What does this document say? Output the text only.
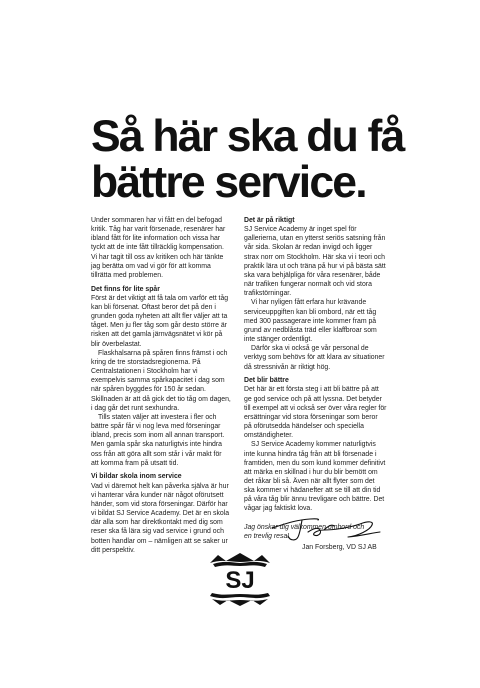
Så här ska du få
bättre service.

Under sommaren har vi fått en del befogad kritik. Tåg har varit försenade, resenärer har ibland fått för lite information och vissa har tyckt att de inte fått tillräcklig kompensation. Vi har tagit till oss av kritiken och här tänkte jag berätta om vad vi gör för att komma tillrätta med problemen.

Det finns för lite spår

Först är det viktigt att få tala om varför ett tåg kan bli försenat. Oftast beror det på den i grunden goda nyheten att allt fler väljer att ta tåget. Men ju fler tåg som går desto större är risken att det gamla järnvägsnätet vi kör på blir överbelastat.

Flaskhalsarna på spåren finns främst i och kring de tre storstadsregionerna. På Centralstationen i Stockholm har vi exempelvis samma spårkapacitet i dag som när spåren byggdes för 150 år sedan. Skillnaden är att då gick det tio tåg om dagen, i dag går det runt sexhundra.

Tills staten väljer att investera i fler och bättre spår får vi nog leva med förseningar ibland, precis som inom all annan transport. Men gamla spår ska naturligtvis inte hindra oss från att göra allt som står i vår makt för att komma fram på utsatt tid.

Vi bildar skola inom service

Vad vi däremot helt kan påverka själva är hur vi hanterar våra kunder när något oförutsett händer, som vid stora förseningar. Därför har vi bildat SJ Service Academy. Det är en skola där alla som har direktkontakt med dig som reser ska få lära sig vad service i grund och botten handlar om – nämligen att se saker ur ditt perspektiv.

Det är på riktigt

SJ Service Academy är inget spel för gallerierna, utan en ytterst seriös satsning från vår sida. Skolan är redan invigd och ligger strax norr om Stockholm. Här ska vi i teori och praktik lära ut och träna på hur vi på bästa sätt ska vara behjälpliga för våra resenärer, både när trafiken fungerar normalt och vid stora trafikstörningar.

Vi har nyligen fått erfara hur krävande serviceuppgiften kan bli ombord, när ett tåg med 300 passagerare inte kommer fram på grund av nedblåsta träd eller klaffbroar som inte stänger ordentligt.

Därför ska vi också ge vår personal de verktyg som behövs för att klara av situationer då stressnivån är riktigt hög.

Det blir bättre

Det här är ett första steg i att bli bättre på att ge god service och på att lyssna. Det betyder till exempel att vi också ser över våra regler för ersättningar vid stora förseningar som beror på oförutsedda händelser och speciella omständigheter.

SJ Service Academy kommer naturligtvis inte kunna hindra tåg från att bli försenade i framtiden, men du som kund kommer definitivt att märka en skillnad i hur du blir bemött om det råkar bli så. Även när allt flyter som det ska kommer vi hädanefter att se till att din tid på våra tåg blir ännu trevligare och bättre. Det vågar jag faktiskt lova.

Jag önskar dig välkommen ombord och
en trevlig resa!

Jan Forsberg, VD SJ AB
SJ
